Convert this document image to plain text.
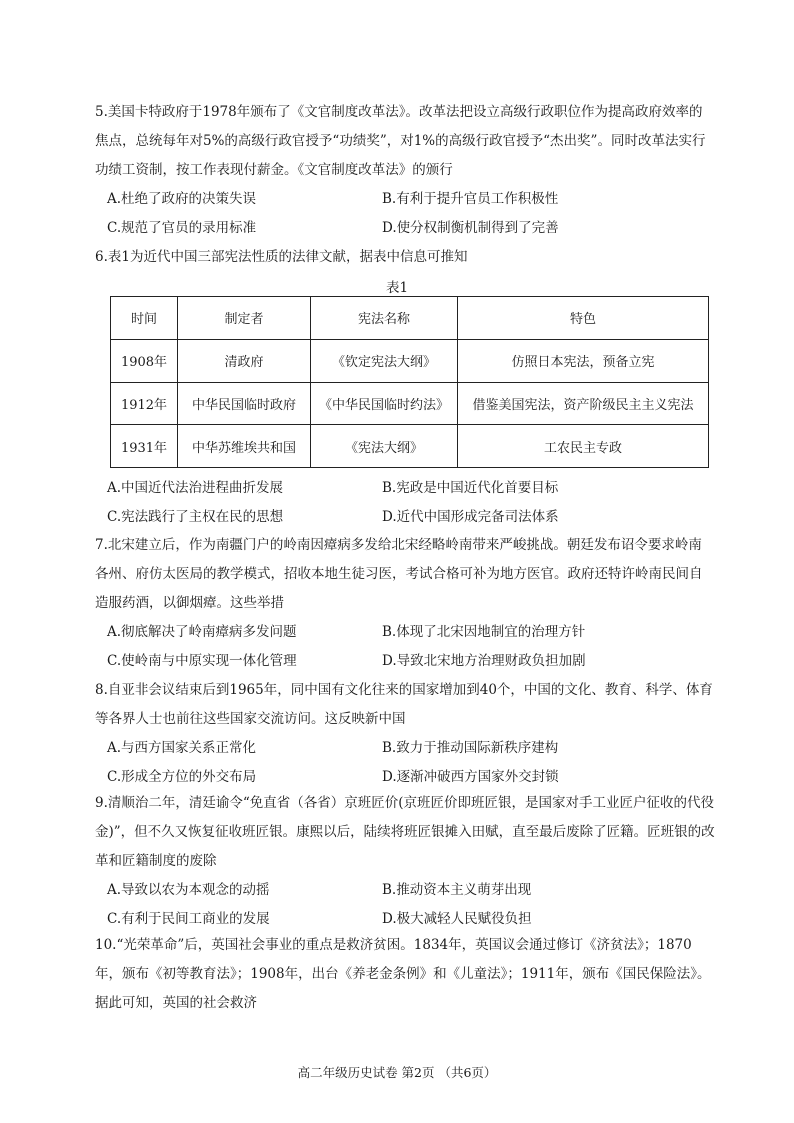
5.美国卡特政府于1978年颁布了《文官制度改革法》。改革法把设立高级行政职位作为提高政府效率的焦点，总统每年对5%的高级行政官授予“功绩奖”，对1%的高级行政官授予“杰出奖”。同时改革法实行功绩工资制，按工作表现付薪金。《文官制度改革法》的颁行

A.杜绝了政府的决策失误	B.有利于提升官员工作积极性
C.规范了官员的录用标准	D.使分权制衡机制得到了完善

6.表1为近代中国三部宪法性质的法律文献，据表中信息可推知

表1
时间	制定者	宪法名称	特色
1908年	清政府	《钦定宪法大纲》	仿照日本宪法，预备立宪
1912年	中华民国临时政府	《中华民国临时约法》	借鉴美国宪法，资产阶级民主主义宪法
1931年	中华苏维埃共和国	《宪法大纲》	工农民主专政
A.中国近代法治进程曲折发展	B.宪政是中国近代化首要目标
C.宪法践行了主权在民的思想	D.近代中国形成完备司法体系

7.北宋建立后，作为南疆门户的岭南因瘴病多发给北宋经略岭南带来严峻挑战。朝廷发布诏令要求岭南各州、府仿太医局的教学模式，招收本地生徒习医，考试合格可补为地方医官。政府还特许岭南民间自造服药酒，以御烟瘴。这些举措

A.彻底解决了岭南瘴病多发问题	B.体现了北宋因地制宜的治理方针
C.使岭南与中原实现一体化管理	D.导致北宋地方治理财政负担加剧

8.自亚非会议结束后到1965年，同中国有文化往来的国家增加到40个，中国的文化、教育、科学、体育等各界人士也前往这些国家交流访问。这反映新中国

A.与西方国家关系正常化	B.致力于推动国际新秩序建构
C.形成全方位的外交布局	D.逐渐冲破西方国家外交封锁

9.清顺治二年，清廷谕令“免直省（各省）京班匠价(京班匠价即班匠银，是国家对手工业匠户征收的代役金)”，但不久又恢复征收班匠银。康熙以后，陆续将班匠银摊入田赋，直至最后废除了匠籍。匠班银的改革和匠籍制度的废除

A.导致以农为本观念的动摇	B.推动资本主义萌芽出现
C.有利于民间工商业的发展	D.极大减轻人民赋役负担

10.“光荣革命”后，英国社会事业的重点是救济贫困。1834年，英国议会通过修订《济贫法》；1870年，颁布《初等教育法》；1908年，出台《养老金条例》和《儿童法》；1911年，颁布《国民保险法》。据此可知，英国的社会救济

高二年级历史试卷 第2页 （共6页）
